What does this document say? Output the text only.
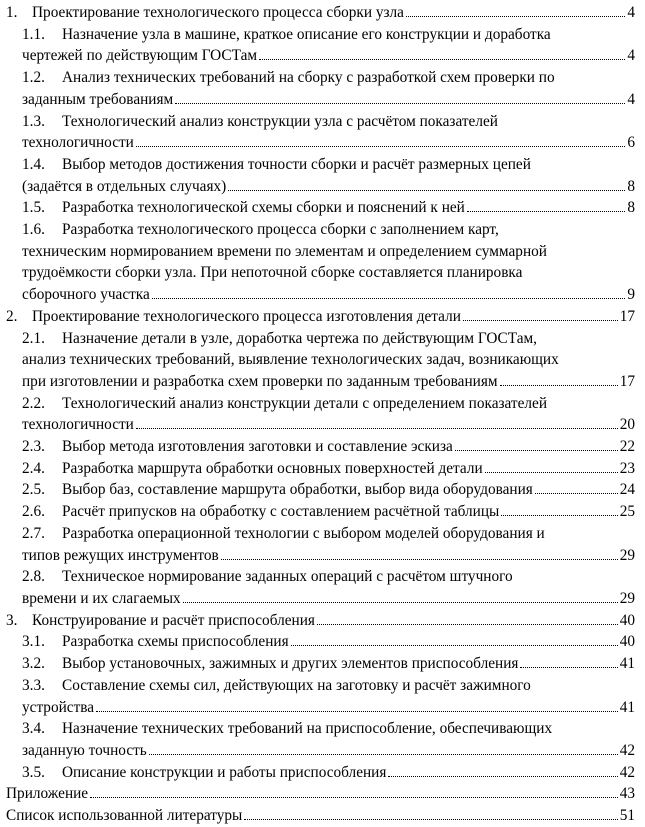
1. Проектирование технологического процесса сборки узла	4
1.1. Назначение узла в машине, краткое описание его конструкции и доработка
чертежей по действующим ГОСТам	4
1.2. Анализ технических требований на сборку с разработкой схем проверки по
заданным требованиям	4
1.3. Технологический анализ конструкции узла с расчётом показателей
технологичности	6
1.4. Выбор методов достижения точности сборки и расчёт размерных цепей
(задаётся в отдельных случаях)	8
1.5.	Разработка технологической схемы сборки и пояснений к ней	8
1.6. Разработка технологического процесса сборки с заполнением карт,
техническим нормированием времени по элементам и определением суммарной
трудоёмкости сборки узла. При непоточной сборке составляется планировка
сборочного участка	9
2. Проектирование технологического процесса изготовления детали	17
2.1. Назначение детали в узле, доработка чертежа по действующим ГОСТам,
анализ технических требований, выявление технологических задач, возникающих
при изготовлении и разработка схем проверки по заданным требованиям	17
2.2. Технологический анализ конструкции детали с определением показателей
технологичности	20
2.3.	Выбор метода изготовления заготовки и составление эскиза	22
2.4.	Разработка маршрута обработки основных поверхностей детали	23
2.5.	Выбор баз, составление маршрута обработки, выбор вида оборудования	24
2.6.	Расчёт припусков на обработку с составлением расчётной таблицы	25
2.7. Разработка операционной технологии с выбором моделей оборудования и
типов режущих инструментов	29
2.8. Техническое нормирование заданных операций с расчётом штучного
времени и их слагаемых	29
3. Конструирование и расчёт приспособления	40
3.1.	Разработка схемы приспособления	40
3.2.	Выбор установочных, зажимных и других элементов приспособления	41
3.3. Составление схемы сил, действующих на заготовку и расчёт зажимного
устройства	41
3.4. Назначение технических требований на приспособление, обеспечивающих
заданную точность	42
3.5.	Описание конструкции и работы приспособления	42
Приложение	43
Список использованной литературы	51
